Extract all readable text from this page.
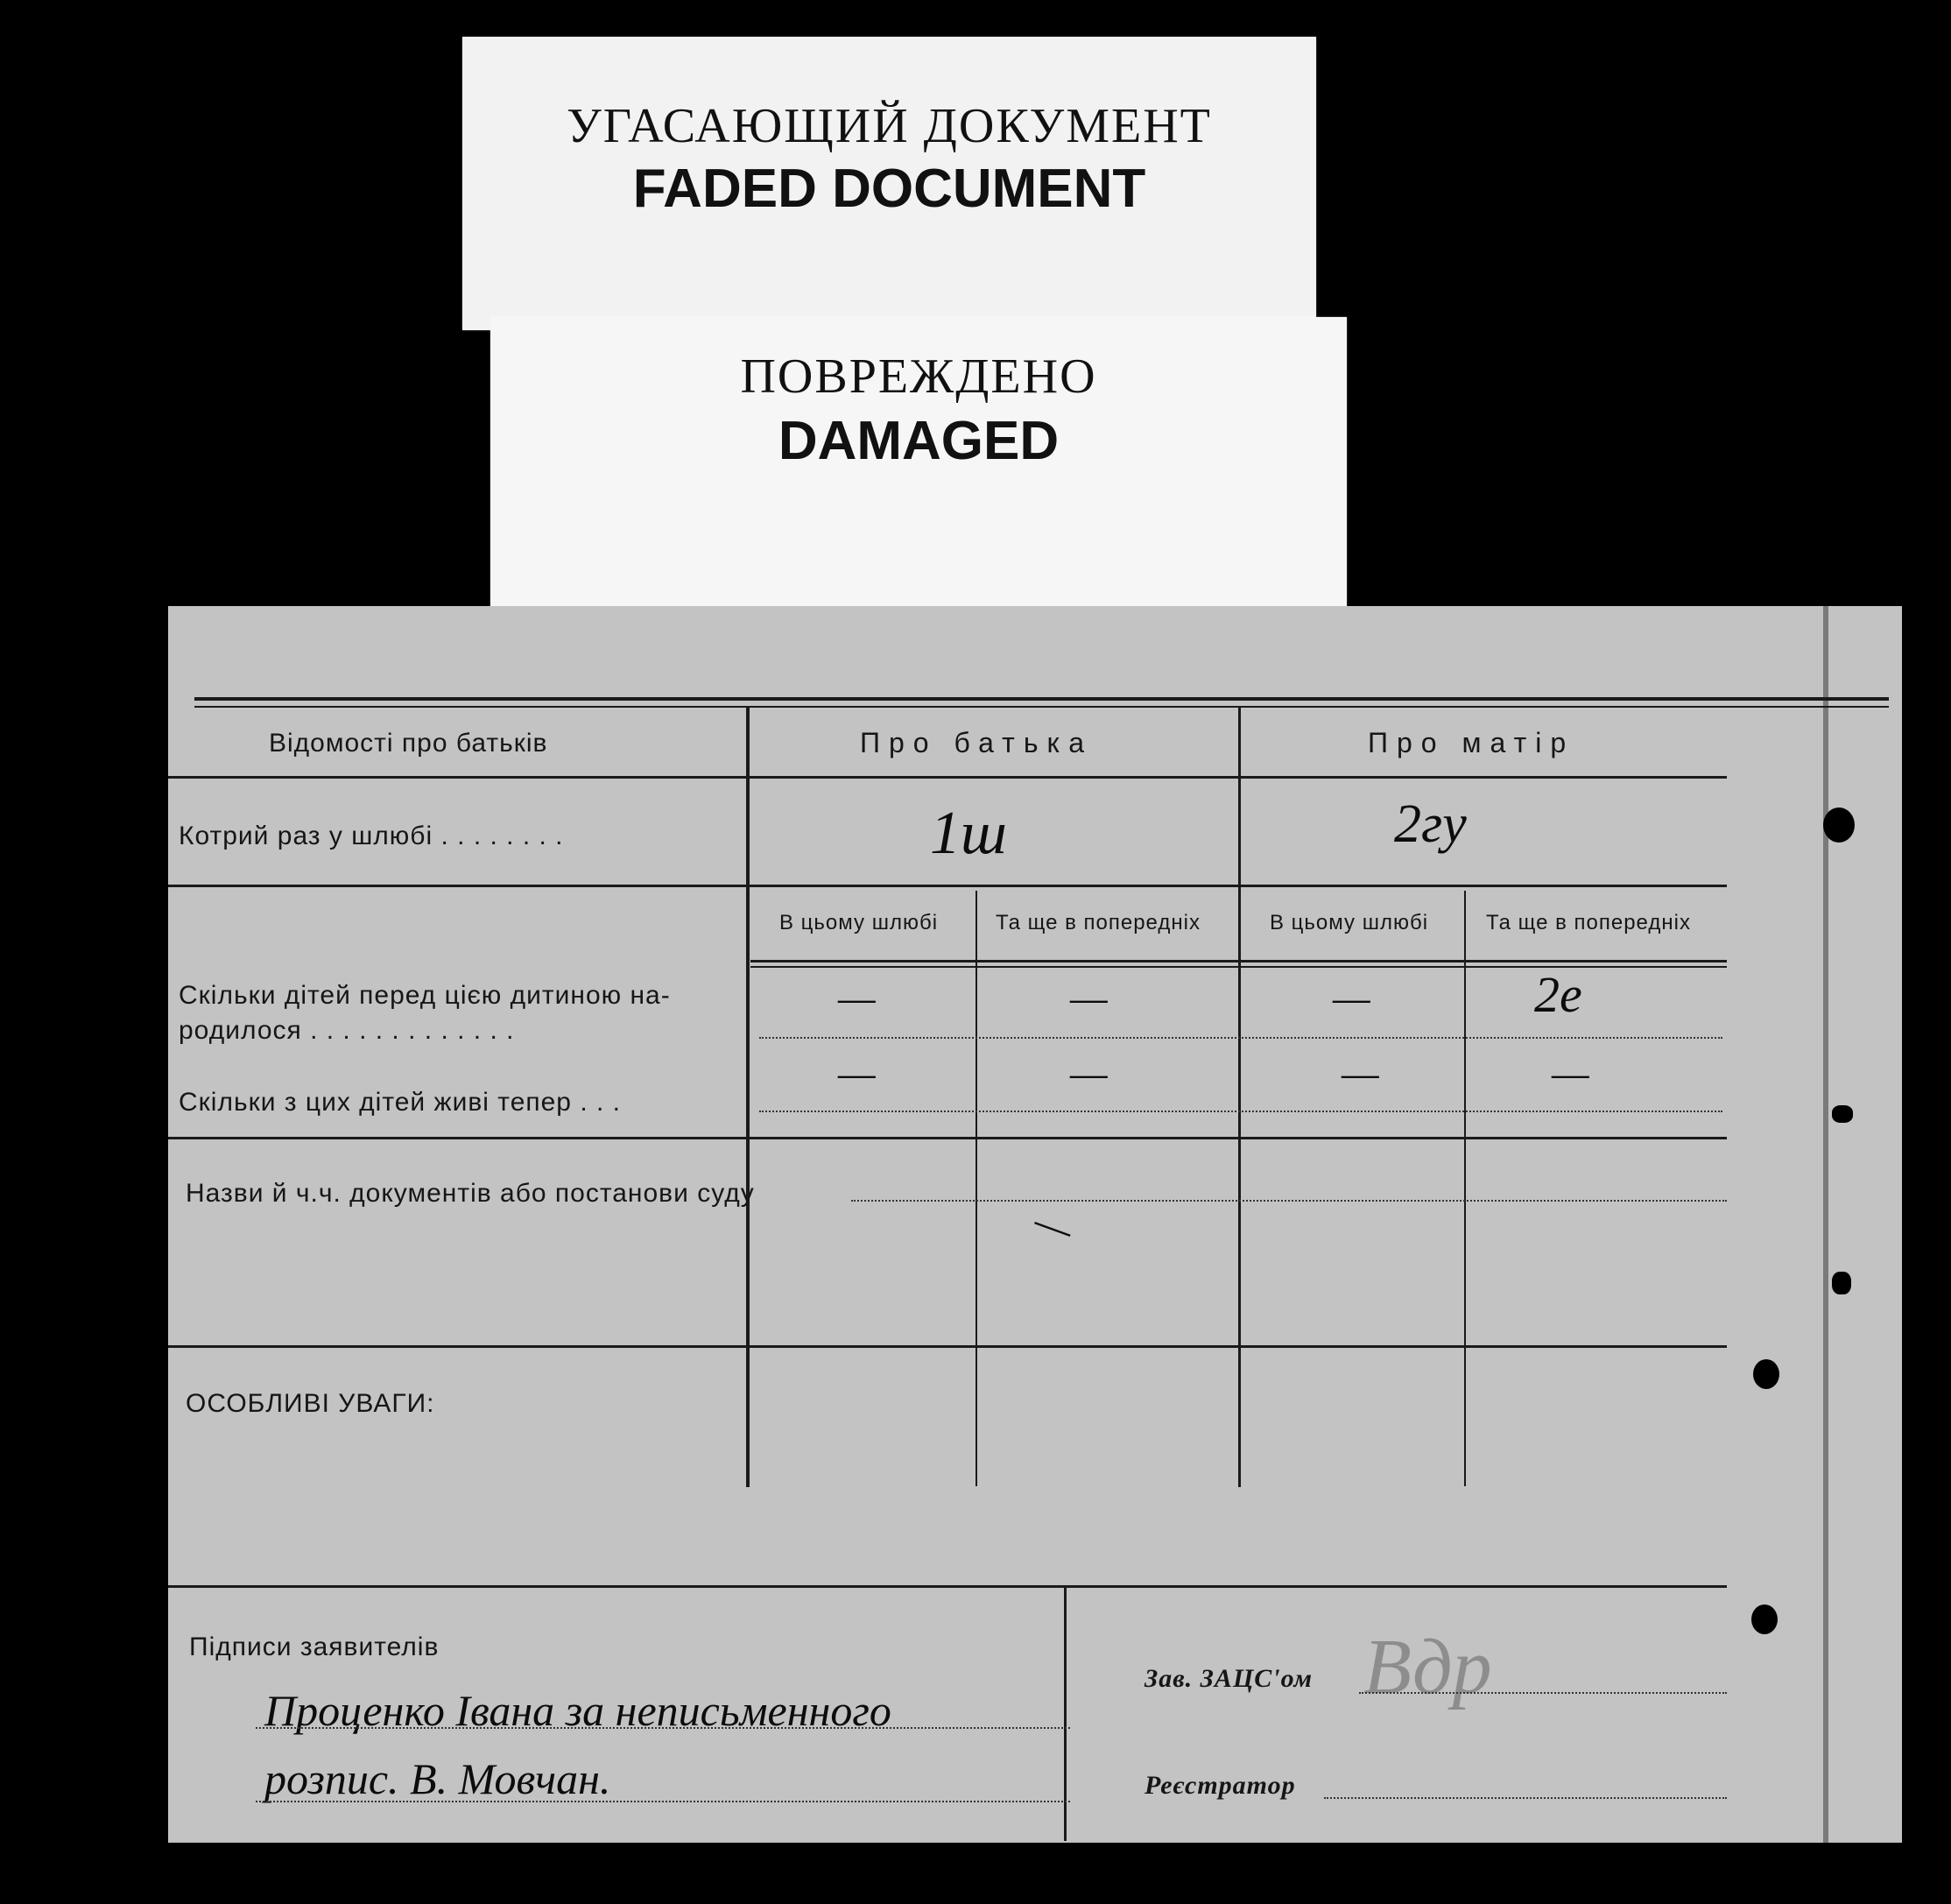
УГАСАЮЩИЙ ДОКУМЕНТ
FADED DOCUMENT
ПОВРЕЖДЕНО
DAMAGED
Відомості про батьків	Про батька	Про матір
Котрий раз у шлюбі . . . . . . . .	1ш	2гу
В цьому шлюбі	Та ще в попередніх	В цьому шлюбі	Та ще в попередніх
Скільки дітей перед цією дитиною на-
родилося . . . . . . . . . . . . .
—	—	—	2е
Скільки з цих дітей живі тепер . . .
—	—	—	—
Назви й ч.ч. документів або постанови суду
—
ОСОБЛИВІ УВАГИ:
Підписи заявителів
Проценко Івана за неписьменного
розпис. В. Мовчан.
Зав. ЗАЦС'ом Вдр
Реєстратор
